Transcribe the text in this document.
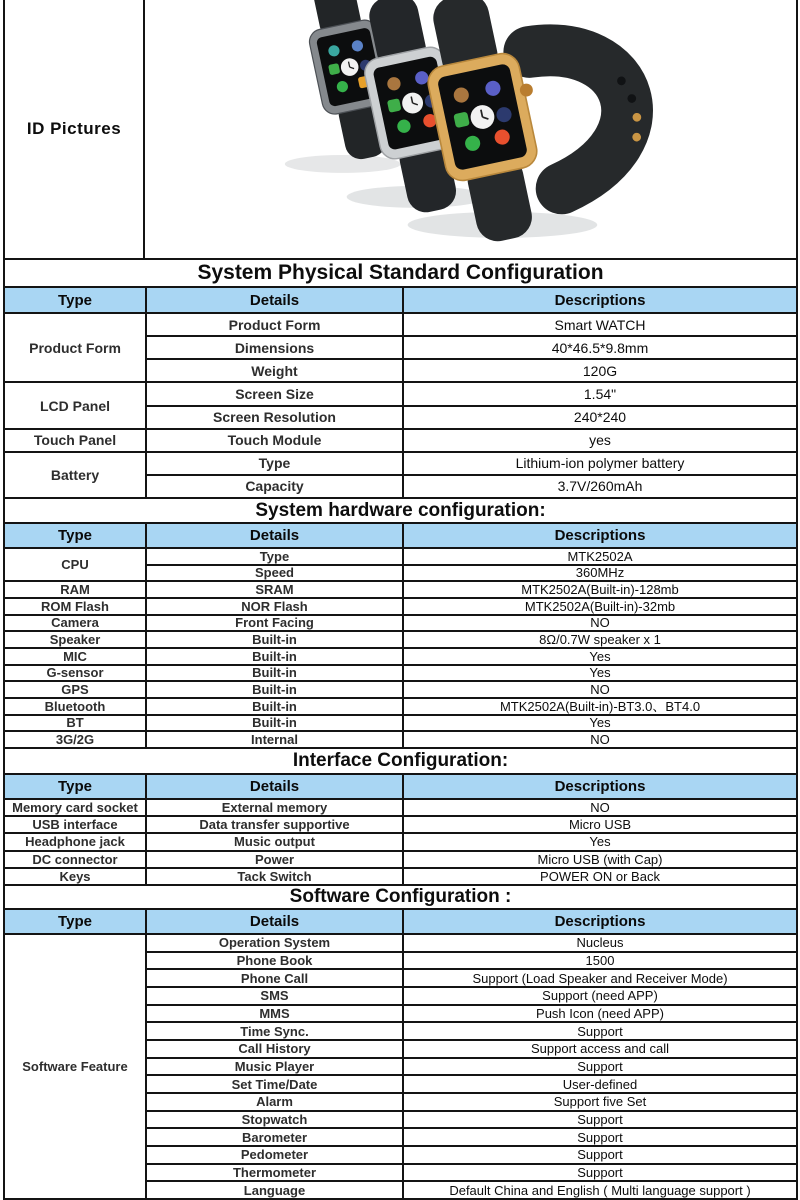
ID Pictures
System Physical Standard Configuration
Type	Details	Descriptions
Product Form
Product Form	Smart WATCH
Dimensions	40*46.5*9.8mm
Weight	120G
LCD Panel
Screen Size	1.54"
Screen Resolution	240*240
Touch Panel	Touch Module	yes
Battery
Type	Lithium-ion polymer battery
Capacity	3.7V/260mAh
System hardware configuration:
Type	Details	Descriptions
CPU
Type	MTK2502A
Speed	360MHz
RAM	SRAM	MTK2502A(Built-in)-128mb
ROM Flash	NOR Flash	MTK2502A(Built-in)-32mb
Camera	Front Facing	NO
Speaker	Built-in	8Ω/0.7W speaker x 1
MIC	Built-in	Yes
G-sensor	Built-in	Yes
GPS	Built-in	NO
Bluetooth	Built-in	MTK2502A(Built-in)-BT3.0、BT4.0
BT	Built-in	Yes
3G/2G	Internal	NO
Interface Configuration:
Type	Details	Descriptions
Memory card socket	External memory	NO
USB interface	Data transfer supportive	Micro USB
Headphone jack	Music output	Yes
DC connector	Power	Micro USB (with Cap)
Keys	Tack Switch	POWER ON or Back
Software Configuration :
Type	Details	Descriptions
Software Feature
Operation System	Nucleus
Phone Book	1500
Phone Call	Support (Load Speaker and Receiver Mode)
SMS	Support (need APP)
MMS	Push Icon (need APP)
Time Sync.	Support
Call History	Support access and call
Music Player	Support
Set Time/Date	User-defined
Alarm	Support five Set
Stopwatch	Support
Barometer	Support
Pedometer	Support
Thermometer	Support
Language	Default China and English ( Multi language support )
